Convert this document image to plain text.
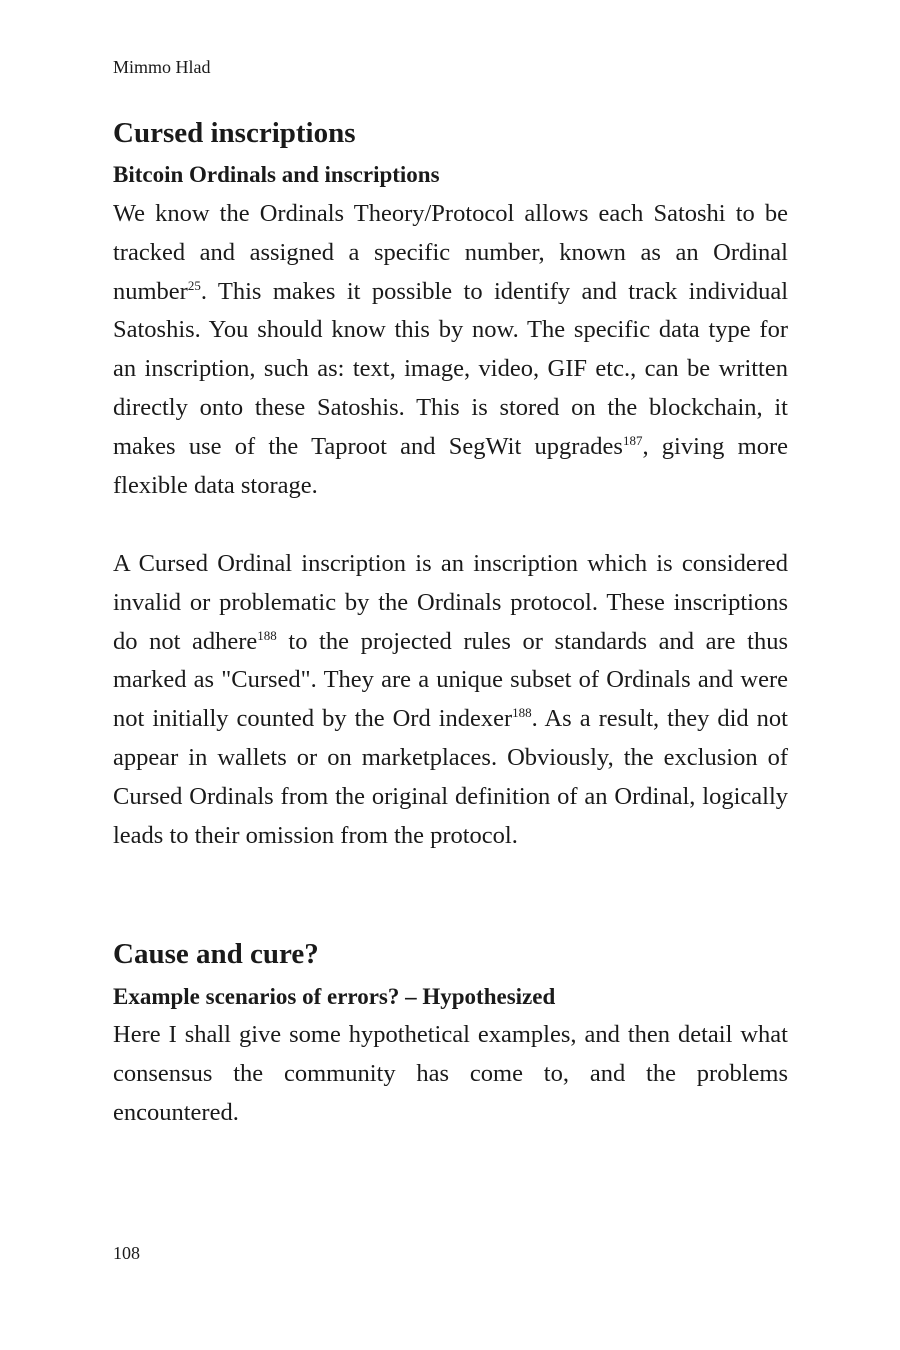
Mimmo Hlad
Cursed inscriptions
Bitcoin Ordinals and inscriptions

We know the Ordinals Theory/Protocol allows each Satoshi to be tracked and assigned a specific number, known as an Ordinal number$^{25}$. This makes it possible to identify and track individual Satoshis. You should know this by now. The specific data type for an inscription, such as: text, image, video, GIF etc., can be written directly onto these Satoshis. This is stored on the blockchain, it makes use of the Taproot and SegWit upgrades$^{187}$, giving more flexible data storage.

A Cursed Ordinal inscription is an inscription which is considered invalid or problematic by the Ordinals protocol. These inscriptions do not adhere$^{188}$ to the projected rules or standards and are thus marked as "Cursed". They are a unique subset of Ordinals and were not initially counted by the Ord indexer$^{188}$. As a result, they did not appear in wallets or on marketplaces. Obviously, the exclusion of Cursed Ordinals from the original definition of an Ordinal, logically leads to their omission from the protocol.

Cause and cure?
Example scenarios of errors? – Hypothesized

Here I shall give some hypothetical examples, and then detail what consensus the community has come to, and the problems encountered.

108
